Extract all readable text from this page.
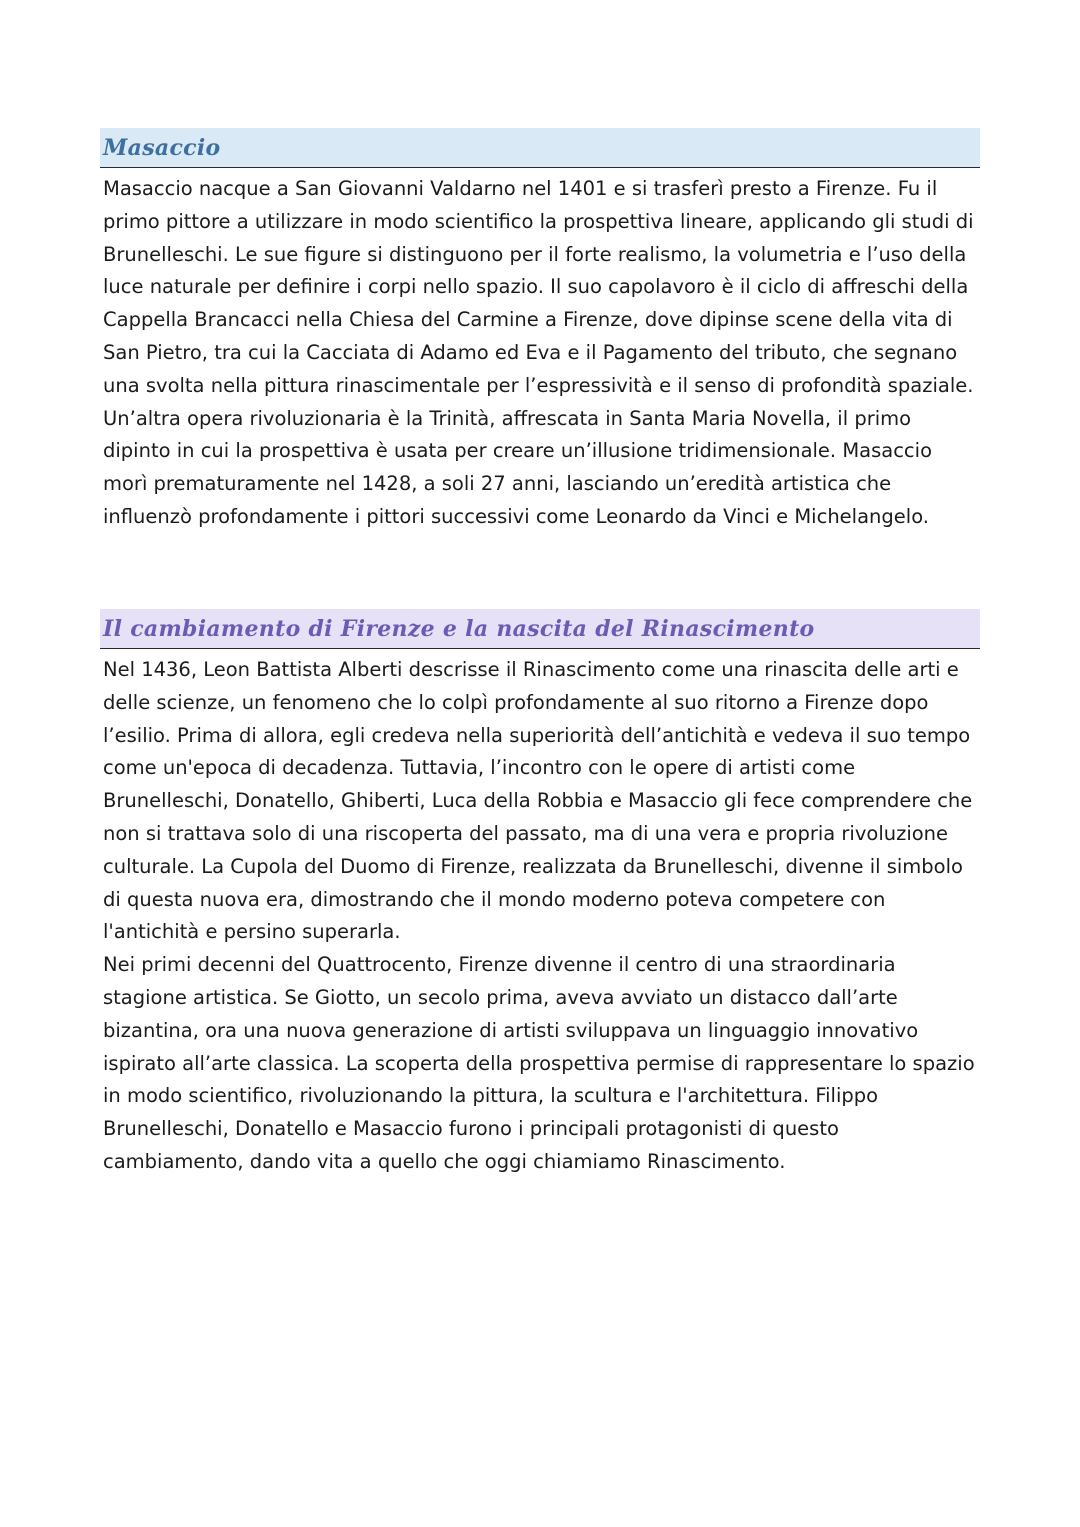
Masaccio

Masaccio nacque a San Giovanni Valdarno nel 1401 e si trasferì presto a Firenze. Fu il primo pittore a utilizzare in modo scientifico la prospettiva lineare, applicando gli studi di Brunelleschi. Le sue figure si distinguono per il forte realismo, la volumetria e l’uso della luce naturale per definire i corpi nello spazio. Il suo capolavoro è il ciclo di affreschi della Cappella Brancacci nella Chiesa del Carmine a Firenze, dove dipinse scene della vita di San Pietro, tra cui la Cacciata di Adamo ed Eva e il Pagamento del tributo, che segnano una svolta nella pittura rinascimentale per l’espressività e il senso di profondità spaziale. Un’altra opera rivoluzionaria è la Trinità, affrescata in Santa Maria Novella, il primo dipinto in cui la prospettiva è usata per creare un’illusione tridimensionale. Masaccio morì prematuramente nel 1428, a soli 27 anni, lasciando un’eredità artistica che influenzò profondamente i pittori successivi come Leonardo da Vinci e Michelangelo.

Il cambiamento di Firenze e la nascita del Rinascimento

Nel 1436, Leon Battista Alberti descrisse il Rinascimento come una rinascita delle arti e delle scienze, un fenomeno che lo colpì profondamente al suo ritorno a Firenze dopo l’esilio. Prima di allora, egli credeva nella superiorità dell’antichità e vedeva il suo tempo come un'epoca di decadenza. Tuttavia, l’incontro con le opere di artisti come Brunelleschi, Donatello, Ghiberti, Luca della Robbia e Masaccio gli fece comprendere che non si trattava solo di una riscoperta del passato, ma di una vera e propria rivoluzione culturale. La Cupola del Duomo di Firenze, realizzata da Brunelleschi, divenne il simbolo di questa nuova era, dimostrando che il mondo moderno poteva competere con l'antichità e persino superarla.

Nei primi decenni del Quattrocento, Firenze divenne il centro di una straordinaria stagione artistica. Se Giotto, un secolo prima, aveva avviato un distacco dall’arte bizantina, ora una nuova generazione di artisti sviluppava un linguaggio innovativo ispirato all’arte classica. La scoperta della prospettiva permise di rappresentare lo spazio in modo scientifico, rivoluzionando la pittura, la scultura e l'architettura. Filippo Brunelleschi, Donatello e Masaccio furono i principali protagonisti di questo cambiamento, dando vita a quello che oggi chiamiamo Rinascimento.
